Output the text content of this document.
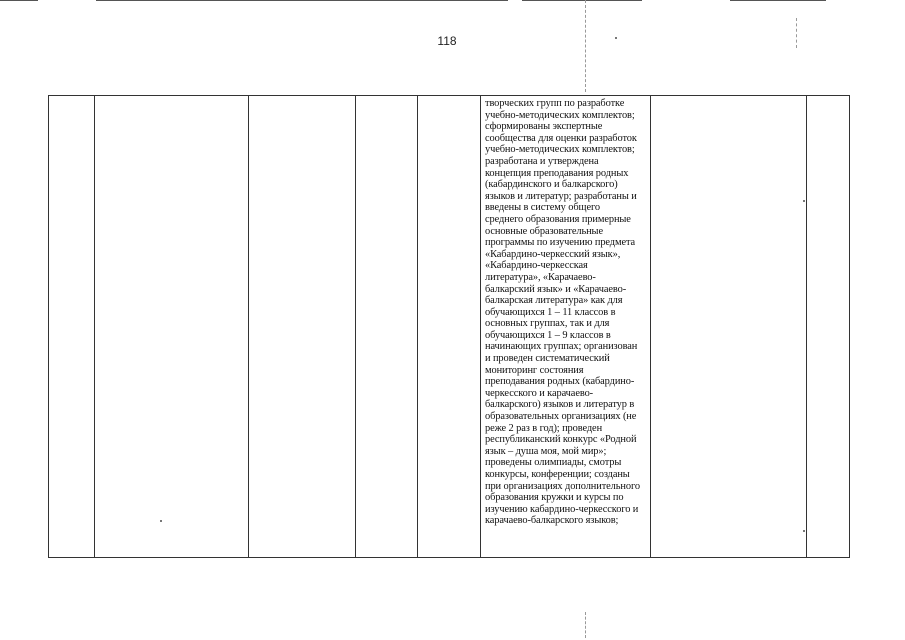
118

творческих групп по разработке
учебно-методических комплектов;
сформированы экспертные
сообщества для оценки разработок
учебно-методических комплектов;
разработана и утверждена
концепция преподавания родных
(кабардинского и балкарского)
языков и литератур; разработаны и
введены в систему общего
среднего образования примерные
основные образовательные
программы по изучению предмета
«Кабардино-черкесский язык»,
«Кабардино-черкесская
литература», «Карачаево-
балкарский язык» и «Карачаево-
балкарская литература» как для
обучающихся 1 – 11 классов в
основных группах, так и для
обучающихся 1 – 9 классов в
начинающих группах; организован
и проведен систематический
мониторинг состояния
преподавания родных (кабардино-
черкесского и карачаево-
балкарского) языков и литератур в
образовательных организациях (не
реже 2 раз в год); проведен
республиканский конкурс «Родной
язык – душа моя, мой мир»;
проведены олимпиады, смотры
конкурсы, конференции; созданы
при организациях дополнительного
образования кружки и курсы по
изучению кабардино-черкесского и
карачаево-балкарского языков;
